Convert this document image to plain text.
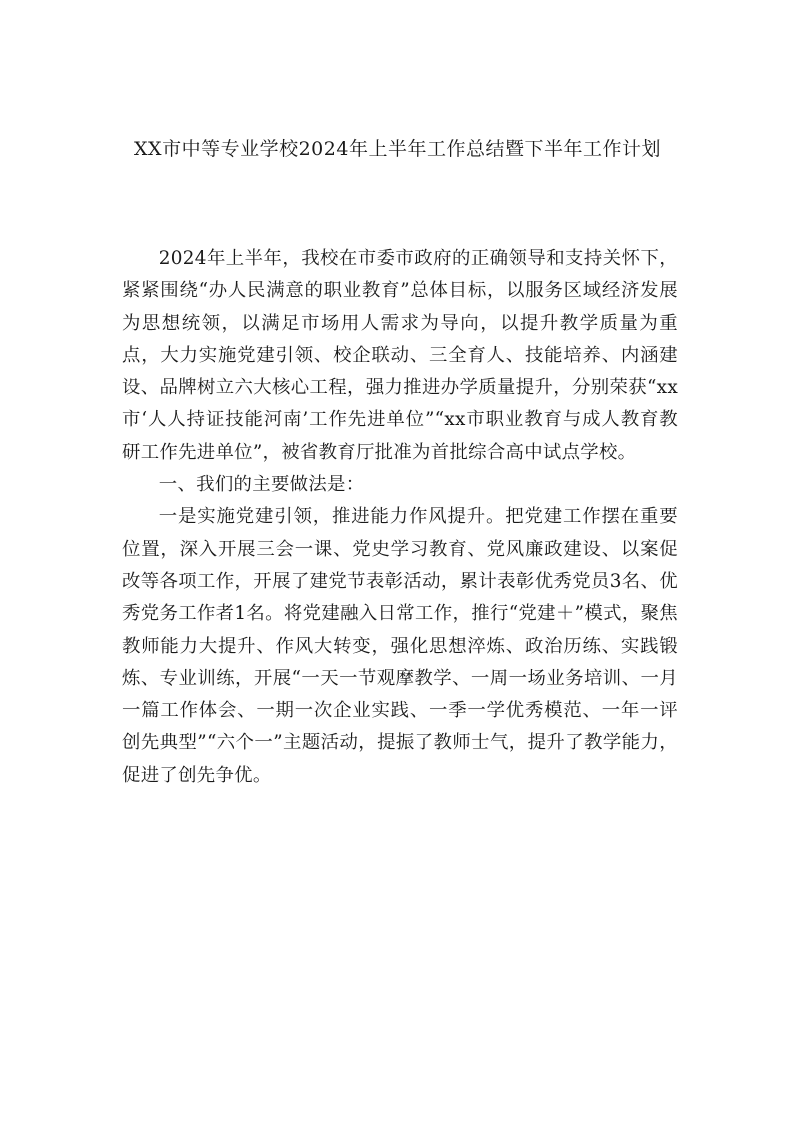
XX市中等专业学校2024年上半年工作总结暨下半年工作计划

2024年上半年，我校在市委市政府的正确领导和支持关怀下，紧紧围绕“办人民满意的职业教育”总体目标，以服务区域经济发展为思想统领，以满足市场用人需求为导向，以提升教学质量为重点，大力实施党建引领、校企联动、三全育人、技能培养、内涵建设、品牌树立六大核心工程，强力推进办学质量提升，分别荣获“xx市‘人人持证技能河南’工作先进单位”“xx市职业教育与成人教育教研工作先进单位”，被省教育厅批准为首批综合高中试点学校。

一、我们的主要做法是：

一是实施党建引领，推进能力作风提升。把党建工作摆在重要位置，深入开展三会一课、党史学习教育、党风廉政建设、以案促改等各项工作，开展了建党节表彰活动，累计表彰优秀党员3名、优秀党务工作者1名。将党建融入日常工作，推行“党建＋”模式，聚焦教师能力大提升、作风大转变，强化思想淬炼、政治历练、实践锻炼、专业训练，开展“一天一节观摩教学、一周一场业务培训、一月一篇工作体会、一期一次企业实践、一季一学优秀模范、一年一评创先典型”“六个一”主题活动，提振了教师士气，提升了教学能力，促进了创先争优。
